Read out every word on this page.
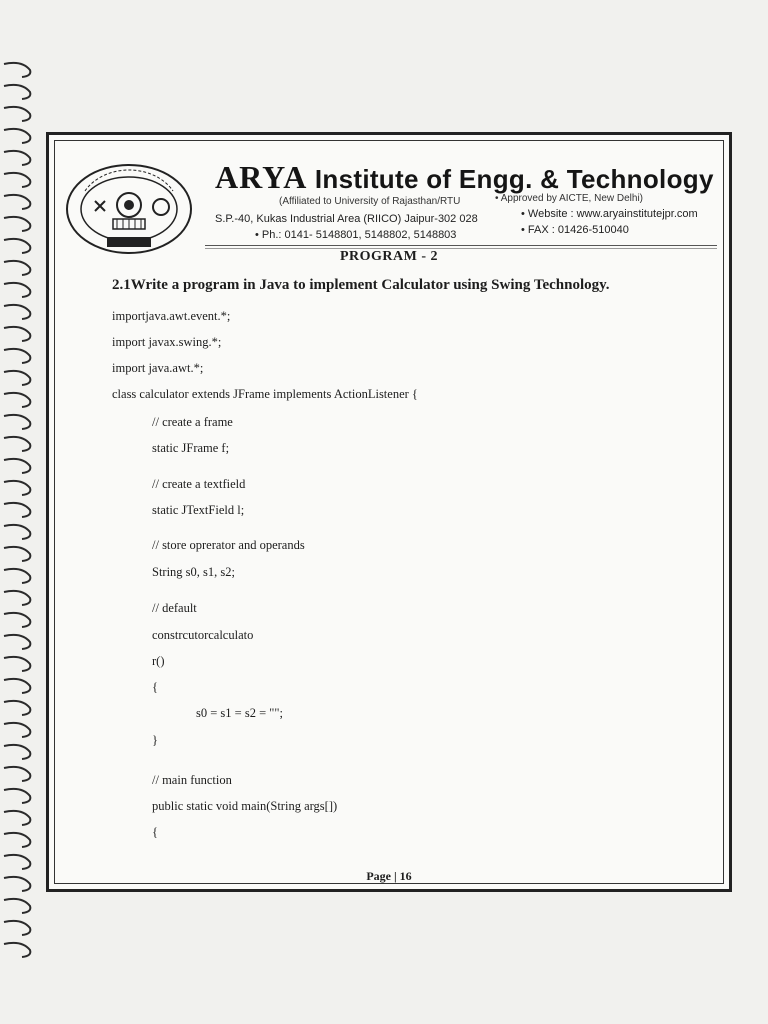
ARYA Institute of Engg. & Technology
(Affiliated to University of Rajasthan/RTU	• Approved by AICTE, New Delhi)
S.P.-40, Kukas Industrial Area (RIICO) Jaipur-302 028
• Ph.: 0141- 5148801, 5148802, 5148803
• Website : www.aryainstitutejpr.com
• FAX : 01426-510040
PROGRAM - 2
2.1Write a program in Java to implement Calculator using Swing Technology.
importjava.awt.event.*;
import javax.swing.*;
import java.awt.*;
class calculator extends JFrame implements ActionListener {
// create a frame
static JFrame f;
// create a textfield
static JTextField l;
// store oprerator and operands
String s0, s1, s2;
// default
constrcutorcalculato
r()
{
s0 = s1 = s2 = "";
}
// main function
public static void main(String args[])
{
Page | 16
